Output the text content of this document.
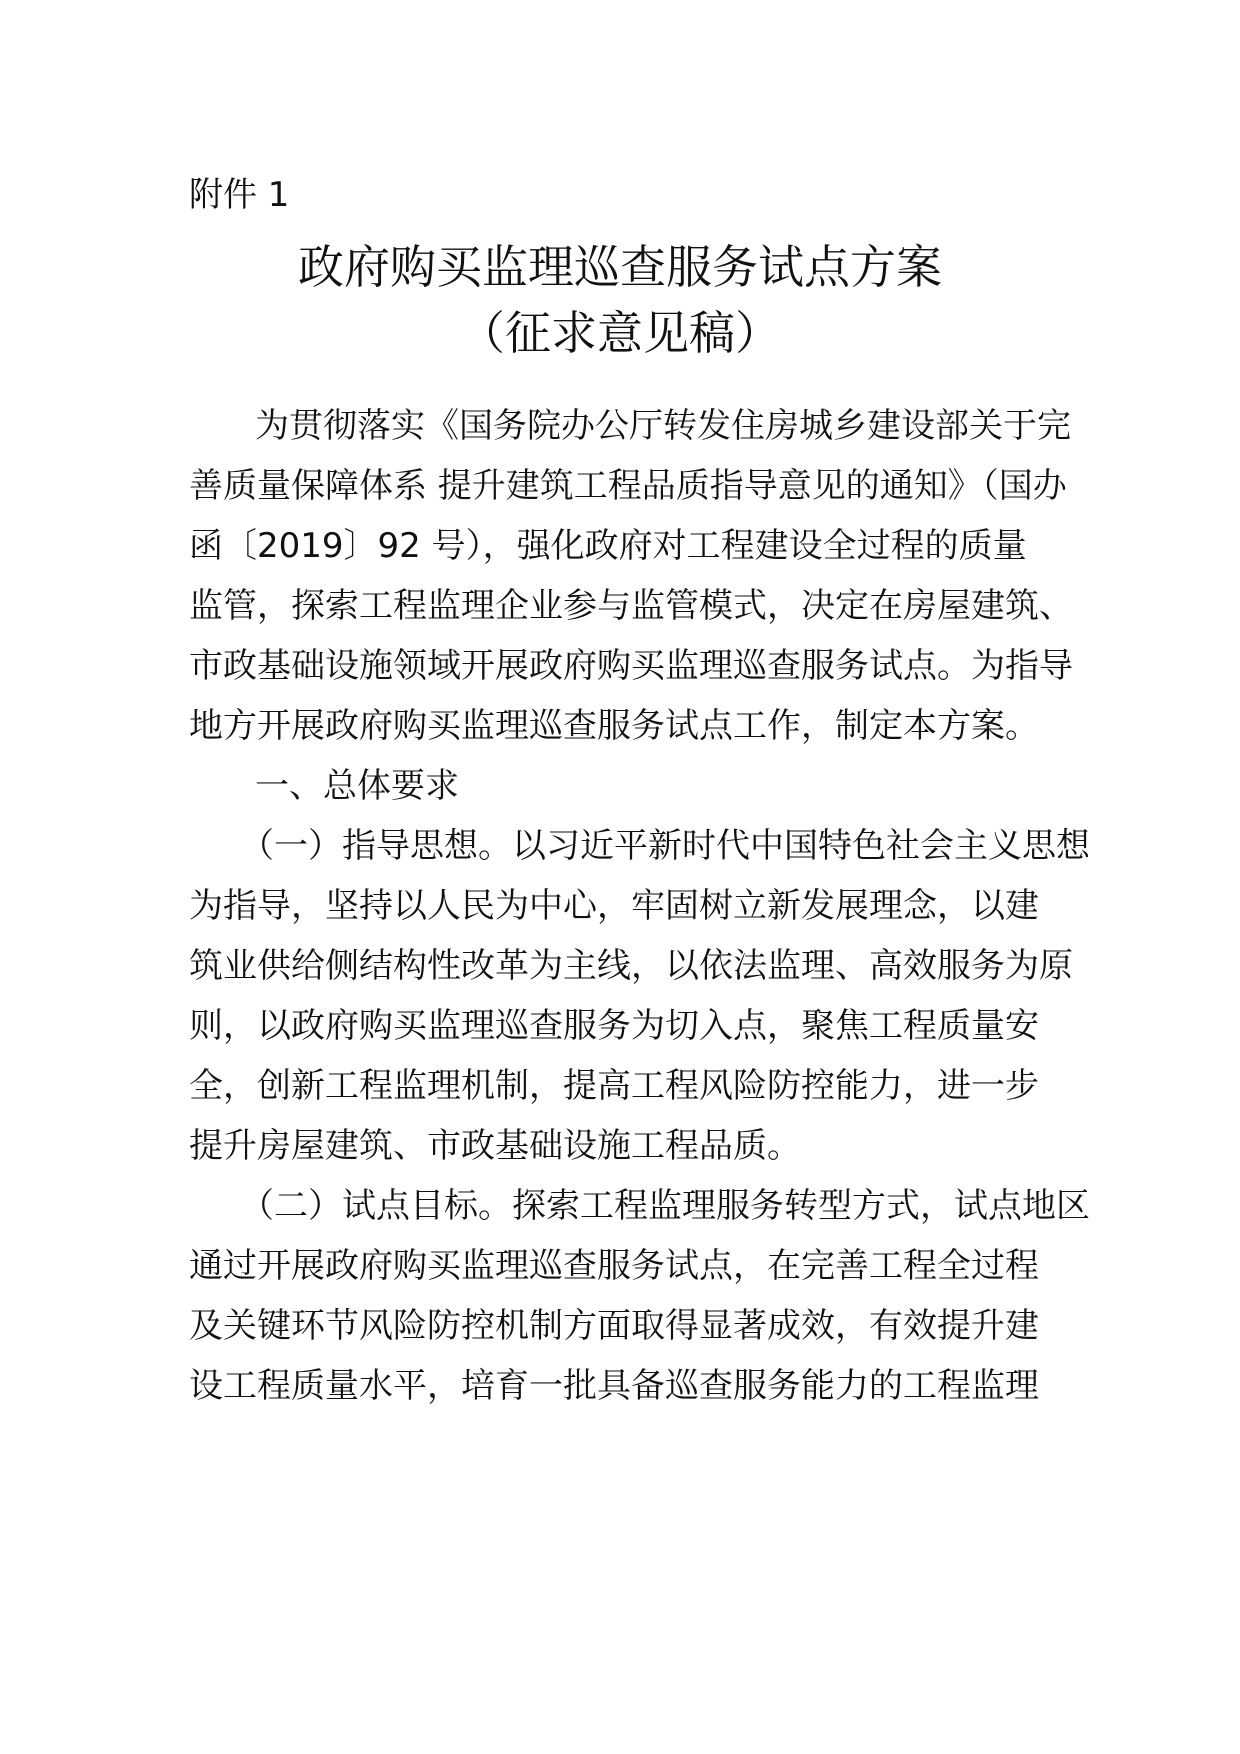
附件 1
政府购买监理巡查服务试点方案
（征求意见稿）
为贯彻落实《国务院办公厅转发住房城乡建设部关于完
善质量保障体系 提升建筑工程品质指导意见的通知》（国办
函〔2019〕92 号），强化政府对工程建设全过程的质量
监管，探索工程监理企业参与监管模式，决定在房屋建筑、
市政基础设施领域开展政府购买监理巡查服务试点。为指导
地方开展政府购买监理巡查服务试点工作，制定本方案。
一、总体要求
（一）指导思想。以习近平新时代中国特色社会主义思想
为指导，坚持以人民为中心，牢固树立新发展理念，以建
筑业供给侧结构性改革为主线，以依法监理、高效服务为原
则，以政府购买监理巡查服务为切入点，聚焦工程质量安
全，创新工程监理机制，提高工程风险防控能力，进一步
提升房屋建筑、市政基础设施工程品质。
（二）试点目标。探索工程监理服务转型方式，试点地区
通过开展政府购买监理巡查服务试点，在完善工程全过程
及关键环节风险防控机制方面取得显著成效，有效提升建
设工程质量水平，培育一批具备巡查服务能力的工程监理
